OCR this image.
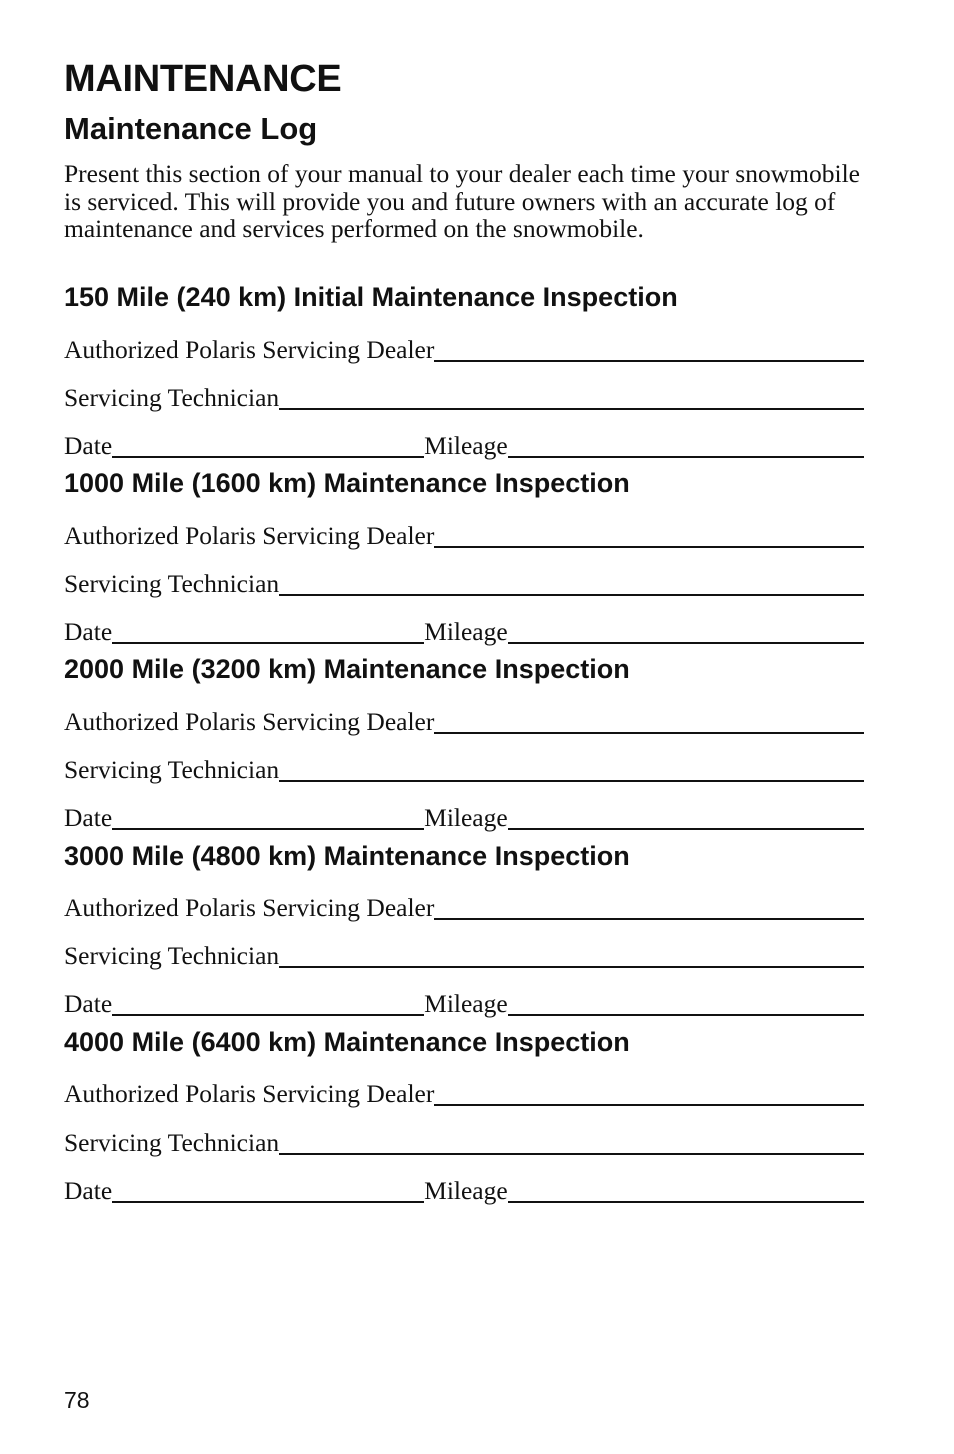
MAINTENANCE
Maintenance Log

Present this section of your manual to your dealer each time your snowmobile is serviced. This will provide you and future owners with an accurate log of maintenance and services performed on the snowmobile.

150 Mile (240 km) Initial Maintenance Inspection
Authorized Polaris Servicing Dealer
Servicing Technician
Date	Mileage
1000 Mile (1600 km) Maintenance Inspection
Authorized Polaris Servicing Dealer
Servicing Technician
Date	Mileage
2000 Mile (3200 km) Maintenance Inspection
Authorized Polaris Servicing Dealer
Servicing Technician
Date	Mileage
3000 Mile (4800 km) Maintenance Inspection
Authorized Polaris Servicing Dealer
Servicing Technician
Date	Mileage
4000 Mile (6400 km) Maintenance Inspection
Authorized Polaris Servicing Dealer
Servicing Technician
Date	Mileage

78
